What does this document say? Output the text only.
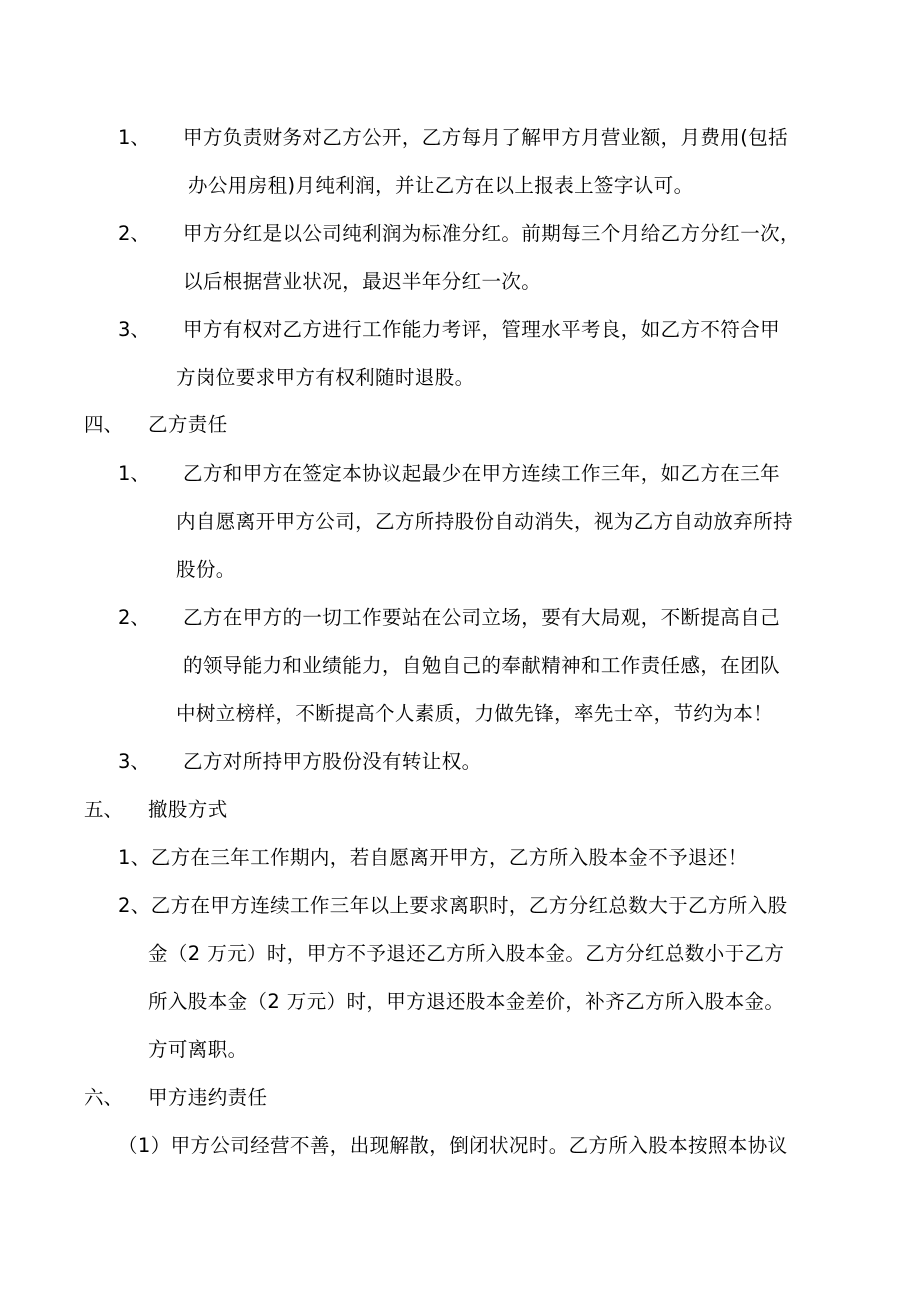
1、 甲方负责财务对乙方公开，乙方每月了解甲方月营业额，月费用(包括
办公用房租)月纯利润，并让乙方在以上报表上签字认可。
2、 甲方分红是以公司纯利润为标准分红。前期每三个月给乙方分红一次，
以后根据营业状况，最迟半年分红一次。
3、 甲方有权对乙方进行工作能力考评，管理水平考良，如乙方不符合甲
方岗位要求甲方有权利随时退股。
四、 乙方责任
1、 乙方和甲方在签定本协议起最少在甲方连续工作三年，如乙方在三年
内自愿离开甲方公司，乙方所持股份自动消失，视为乙方自动放弃所持
股份。
2、 乙方在甲方的一切工作要站在公司立场，要有大局观，不断提高自己
的领导能力和业绩能力，自勉自己的奉献精神和工作责任感，在团队
中树立榜样，不断提高个人素质，力做先锋，率先士卒，节约为本！
3、 乙方对所持甲方股份没有转让权。
五、 撤股方式
1、乙方在三年工作期内，若自愿离开甲方，乙方所入股本金不予退还！
2、乙方在甲方连续工作三年以上要求离职时，乙方分红总数大于乙方所入股
金（2 万元）时，甲方不予退还乙方所入股本金。乙方分红总数小于乙方
所入股本金（2 万元）时，甲方退还股本金差价，补齐乙方所入股本金。
方可离职。
六、 甲方违约责任
（1）甲方公司经营不善，出现解散，倒闭状况时。乙方所入股本按照本协议
